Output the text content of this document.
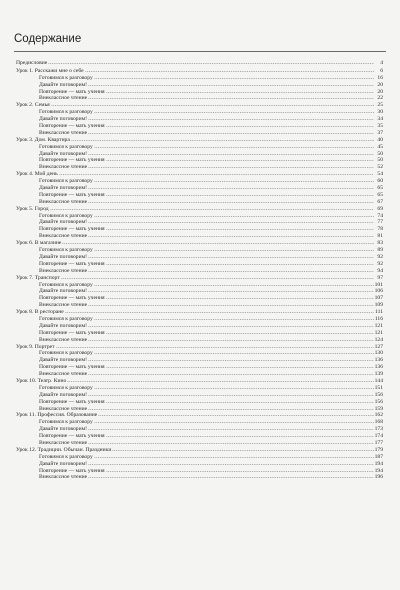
Содержание
Предисловие	4
Урок 1. Расскажи мне о себе	6
Готовимся к разговору	16
Давайте поговорим!	20
Повторение — мать учения	20
Внеклассное чтение	22
Урок 2. Семья	25
Готовимся к разговору	30
Давайте поговорим!	34
Повторение — мать учения	35
Внеклассное чтение	37
Урок 3. Дом. Квартира	40
Готовимся к разговору	45
Давайте поговорим!	50
Повторение — мать учения	50
Внеклассное чтение	52
Урок 4. Мой день	54
Готовимся к разговору	60
Давайте поговорим!	65
Повторение — мать учения	65
Внеклассное чтение	67
Урок 5. Город	69
Готовимся к разговору	74
Давайте поговорим!	77
Повторение — мать учения	78
Внеклассное чтение	81
Урок 6. В магазине	83
Готовимся к разговору	89
Давайте поговорим!	92
Повторение — мать учения	92
Внеклассное чтение	94
Урок 7. Транспорт	97
Готовимся к разговору	101
Давайте поговорим!	106
Повторение — мать учения	107
Внеклассное чтение	109
Урок 8. В ресторане	111
Готовимся к разговору	116
Давайте поговорим!	121
Повторение — мать учения	121
Внеклассное чтение	124
Урок 9. Портрет	127
Готовимся к разговору	130
Давайте поговорим!	136
Повторение — мать учения	136
Внеклассное чтение	139
Урок 10. Театр. Кино	144
Готовимся к разговору	151
Давайте поговорим!	156
Повторение — мать учения	156
Внеклассное чтение	159
Урок 11. Профессия. Образование	162
Готовимся к разговору	168
Давайте поговорим!	173
Повторение — мать учения	174
Внеклассное чтение	177
Урок 12. Традиции. Обычаи. Праздники	179
Готовимся к разговору	187
Давайте поговорим!	194
Повторение — мать учения	194
Внеклассное чтение	196
